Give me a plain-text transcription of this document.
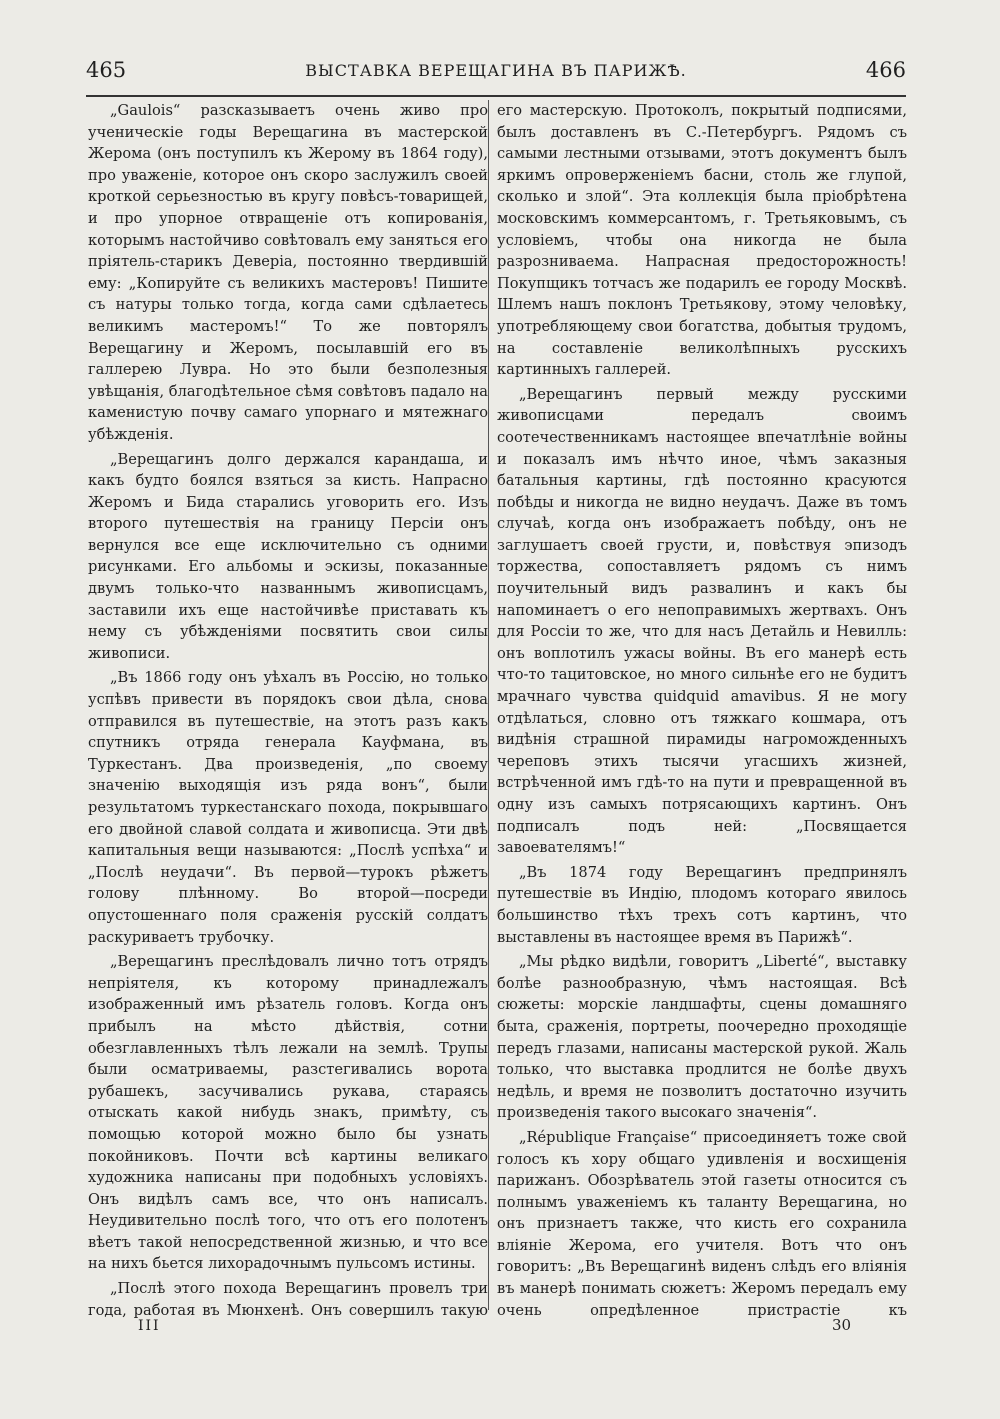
465	ВЫСТАВКА ВЕРЕЩАГИНА ВЪ ПАРИЖѢ.	466

„Gaulois“ разсказываетъ очень живо про ученическіе годы Верещагина въ мастерской Жерома (онъ поступилъ къ Жерому въ 1864 году), про уваженіе, которое онъ скоро заслужилъ своей кроткой серьезностью въ кругу повѣсъ-товарищей, и про упорное отвращеніе отъ копированія, которымъ настойчиво совѣтовалъ ему заняться его пріятель-старикъ Деверіа, постоянно твердившій ему: „Копируйте съ великихъ мастеровъ! Пишите съ натуры только тогда, когда сами сдѣлаетесь великимъ мастеромъ!“ То же повторялъ Верещагину и Жеромъ, посылавшій его въ галлерею Лувра. Но это были безполезныя увѣщанія, благодѣтельное сѣмя совѣтовъ падало на каменистую почву самаго упорнаго и мятежнаго убѣжденія.

„Верещагинъ долго держался карандаша, и какъ будто боялся взяться за кисть. Напрасно Жеромъ и Бида старались уговорить его. Изъ второго путешествія на границу Персіи онъ вернулся все еще исключительно съ одними рисунками. Его альбомы и эскизы, показанные двумъ только-что названнымъ живописцамъ, заставили ихъ еще настойчивѣе приставать къ нему съ убѣжденіями посвятить свои силы живописи.

„Въ 1866 году онъ уѣхалъ въ Россію, но только успѣвъ привести въ порядокъ свои дѣла, снова отправился въ путешествіе, на этотъ разъ какъ спутникъ отряда генерала Кауфмана, въ Туркестанъ. Два произведенія, „по своему значенію выходящія изъ ряда вонъ“, были результатомъ туркестанскаго похода, покрывшаго его двойной славой солдата и живописца. Эти двѣ капитальныя вещи называются: „Послѣ успѣха“ и „Послѣ неудачи“. Въ первой—турокъ рѣжетъ голову плѣнному. Во второй—посреди опустошеннаго поля сраженія русскій солдатъ раскуриваетъ трубочку.

„Верещагинъ преслѣдовалъ лично тотъ отрядъ непріятеля, къ которому принадлежалъ изображенный имъ рѣзатель головъ. Когда онъ прибылъ на мѣсто дѣйствія, сотни обезглавленныхъ тѣлъ лежали на землѣ. Трупы были осматриваемы, разстегивались ворота рубашекъ, засучивались рукава, стараясь отыскать какой нибудь знакъ, примѣту, съ помощью которой можно было бы узнать покойниковъ. Почти всѣ картины великаго художника написаны при подобныхъ условіяхъ. Онъ видѣлъ самъ все, что онъ написалъ. Неудивительно послѣ того, что отъ его полотенъ вѣетъ такой непосредственной жизнью, и что все на нихъ бьется лихорадочнымъ пульсомъ истины.

„Послѣ этого похода Верещагинъ провелъ три года, работая въ Мюнхенѣ. Онъ совершилъ такую

его мастерскую. Протоколъ, покрытый подписями, былъ доставленъ въ С.-Петербургъ. Рядомъ съ самыми лестными отзывами, этотъ документъ былъ яркимъ опроверженіемъ басни, столь же глупой, сколько и злой“. Эта коллекція была пріобрѣтена московскимъ коммерсантомъ, г. Третьяковымъ, съ условіемъ, чтобы она никогда не была разрозниваема. Напрасная предосторожность! Покупщикъ тотчасъ же подарилъ ее городу Москвѣ. Шлемъ нашъ поклонъ Третьякову, этому человѣку, употребляющему свои богатства, добытыя трудомъ, на составленіе великолѣпныхъ русскихъ картинныхъ галлерей.

„Верещагинъ первый между русскими живописцами передалъ своимъ соотечественникамъ настоящее впечатлѣніе войны и показалъ имъ нѣчто иное, чѣмъ заказныя батальныя картины, гдѣ постоянно красуются побѣды и никогда не видно неудачъ. Даже въ томъ случаѣ, когда онъ изображаетъ побѣду, онъ не заглушаетъ своей грусти, и, повѣствуя эпизодъ торжества, сопоставляетъ рядомъ съ нимъ поучительный видъ развалинъ и какъ бы напоминаетъ о его непоправимыхъ жертвахъ. Онъ для Россіи то же, что для насъ Детайль и Невилль: онъ воплотилъ ужасы войны. Въ его манерѣ есть что-то тацитовское, но много сильнѣе его не будитъ мрачнаго чувства quidquid amavibus. Я не могу отдѣлаться, словно отъ тяжкаго кошмара, отъ видѣнія страшной пирамиды нагроможденныхъ череповъ этихъ тысячи угасшихъ жизней, встрѣченной имъ гдѣ-то на пути и превращенной въ одну изъ самыхъ потрясающихъ картинъ. Онъ подписалъ подъ ней: „Посвящается завоевателямъ!“

„Въ 1874 году Верещагинъ предпринялъ путешествіе въ Индію, плодомъ котораго явилось большинство тѣхъ трехъ сотъ картинъ, что выставлены въ настоящее время въ Парижѣ“.

„Мы рѣдко видѣли, говоритъ „Liberté“, выставку болѣе разнообразную, чѣмъ настоящая. Всѣ сюжеты: морскіе ландшафты, сцены домашняго быта, сраженія, портреты, поочередно проходящіе передъ глазами, написаны мастерской рукой. Жаль только, что выставка продлится не болѣе двухъ недѣль, и время не позволитъ достаточно изучить произведенія такого высокаго значенія“.

„République Française“ присоединяетъ тоже свой голосъ къ хору общаго удивленія и восхищенія парижанъ. Обозрѣватель этой газеты относится съ полнымъ уваженіемъ къ таланту Верещагина, но онъ признаетъ также, что кисть его сохранила вліяніе Жерома, его учителя. Вотъ что онъ говоритъ: „Въ Верещагинѣ виденъ слѣдъ его вліянія въ манерѣ понимать сюжетъ: Жеромъ передалъ ему очень опредѣленное пристрастіе къ

III	30
